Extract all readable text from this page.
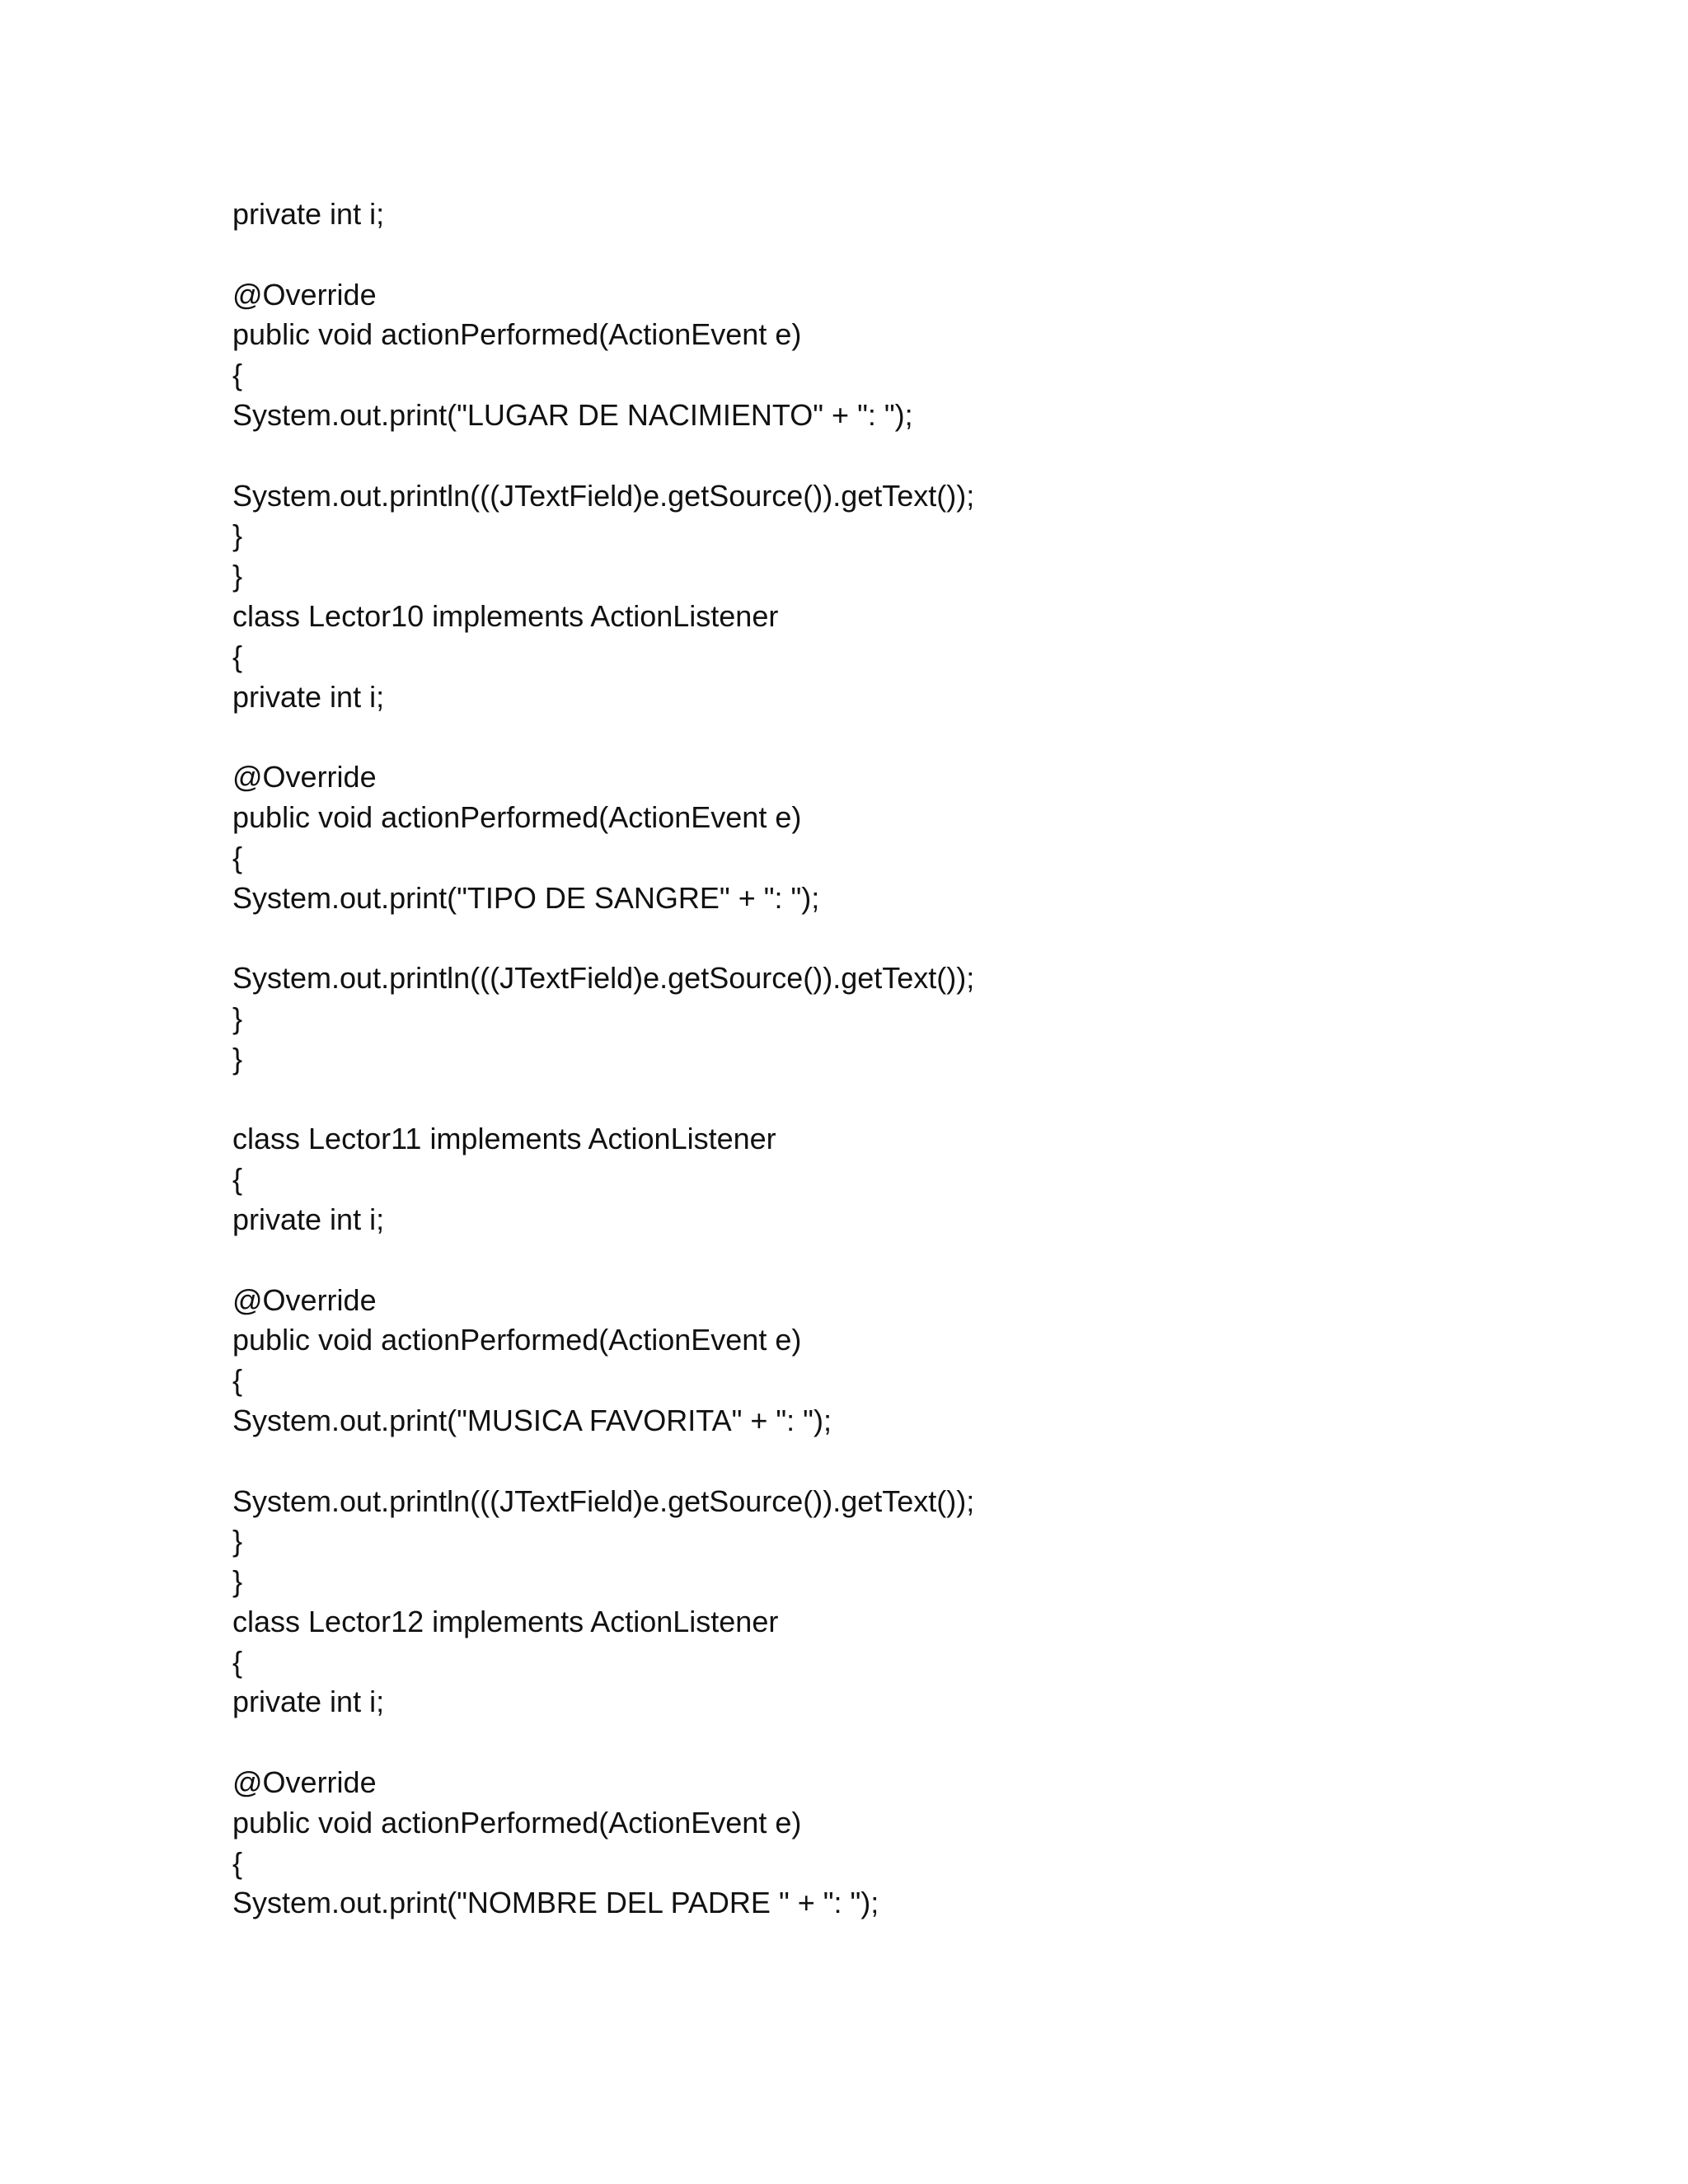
private int i;
@Override
public void actionPerformed(ActionEvent e)
{
System.out.print("LUGAR DE NACIMIENTO" + ": ");
System.out.println(((JTextField)e.getSource()).getText());
}
}
class Lector10 implements ActionListener
{
private int i;
@Override
public void actionPerformed(ActionEvent e)
{
System.out.print("TIPO DE SANGRE" + ": ");
System.out.println(((JTextField)e.getSource()).getText());
}
}
class Lector11 implements ActionListener
{
private int i;
@Override
public void actionPerformed(ActionEvent e)
{
System.out.print("MUSICA FAVORITA" + ": ");
System.out.println(((JTextField)e.getSource()).getText());
}
}
class Lector12 implements ActionListener
{
private int i;
@Override
public void actionPerformed(ActionEvent e)
{
System.out.print("NOMBRE DEL PADRE " + ": ");
